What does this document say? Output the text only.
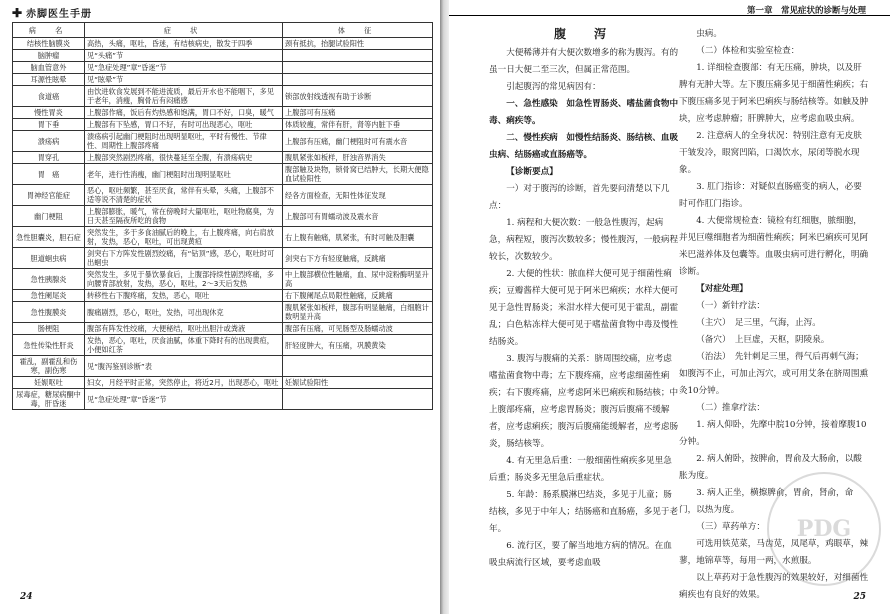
✚ 赤脚医生手册
病　名	症　状	体　征
结核性脑膜炎	高热，头痛，呕吐，昏迷，有结核病史，散发于四季	颈有抵抗，抬腿试验阳性
脑肿瘤	见“头痛”节	
脑血管意外	见“急症处理”章“昏迷”节	
耳源性眩晕	见“眩晕”节	
食道癌	由饮进软食发展到不能进流质，最后开水也不能咽下，多见于老年，消瘦，胸骨后有闷痛感	锁部放射线透视有助于诊断
慢性胃炎	上腹部作痛，饭后有灼热感和饱满，胃口不好，口臭，暖气	上腹部可有压痛
胃下垂	上腹部有下坠感，胃口不好，有时可出现恶心，呕吐	体质较瘦，常伴有肝，肾等内脏下垂
溃疡病	溃疡病引起幽门梗阻时出现明显呕吐，平时有慢性、节律性、周期性上腹部疼痛	上腹部有压痛，幽门梗阻时可有震水音
胃穿孔	上腹部突然剧烈疼痛，很快蔓延至全腹，有溃疡病史	腹肌紧张如板样，肝浊音界消失
胃　癌	老年，进行性消瘦，幽门梗阻时出现明显呕吐	腹部触及块物，锁骨窝已结肿大，长期大便隐血试验阳性
胃神经官能症	恶心，呕吐频繁，甚至厌食，常伴有头晕，头痛，上腹部不适等说不清楚的症状	经各方面检查，无阳性体征发现
幽门梗阻	上腹部膨胀，暖气，常在傍晚时大量呕吐，呕吐物腐臭，为日天甚至隔夜所吃的食物	上腹部可有胃蠕动波及震水音
急性胆囊炎，胆石症	突然发生，多于多食油腻后的晚上，右上腹疼痛，向右肩放射，发热，恶心，呕吐，可出现黄疸	右上腹有触痛，肌紧张，有时可触及胆囊
胆道蛔虫病	剑突右下方阵发性剧烈绞痛，有“钻顶”感，恶心，呕吐时可出蛔虫	剑突右下方有轻度触痛，反跳痛
急性胰腺炎	突然发生，多见于暴饮暴食后，上腹部持续性剧烈疼痛，多向腰背部放射，发热，恶心，呕吐，2～3天后发热	中上腹部横位性触痛，血、尿中淀粉酶明显升高
急性阑尾炎	转移性右下腹疼痛，发热，恶心，呕吐	右下腹阑尾点局限性触痛，反跳痛
急性腹膜炎	腹痛剧烈，恶心，呕吐，发热，可出现休克	腹肌紧张如板样，腹部有明显触痛，白细胞计数明显升高
肠梗阻	腹部有阵发性绞痛，大便秘结，呕吐出胆汁或粪液	腹部有压痛，可见肠型及肠蠕动波
急性传染性肝炎	发热，恶心，呕吐，厌食油腻，体重下降时有的出现黄疸，小便如红茶	肝轻度肿大，有压痛，巩膜黄染
霍乱，副霍乱和伤寒，副伤寒	见“腹泻鉴别诊断”表	
妊娠呕吐	妇女，月经平时正常，突然停止，将近2月，出现恶心，呕吐	妊娠试验阳性
尿毒症，糖尿病酮中毒，肝昏迷	见“急症处理”章“昏迷”节	
24
第一章　常见症状的诊断与处理
腹　泻

大便稀薄并有大便次数增多的称为腹泻。有的虽一日大便二至三次，但属正常范围。

引起腹泻的常见病因有：

一、急性感染　如急性胃肠炎、嗜盐菌食物中毒、痢疾等。

二、慢性疾病　如慢性结肠炎、肠结核、血吸虫病、结肠癌或直肠癌等。

【诊断要点】

一）对于腹泻的诊断，首先要问清楚以下几点：

1. 病程和大便次数：一般急性腹泻，起病急，病程短，腹泻次数较多；慢性腹泻，一般病程较长，次数较少。

2. 大便的性状：脓血样大便可见于细菌性痢疾；豆瓣酱样大便可见于阿米巴痢疾；水样大便可见于急性胃肠炎；米泔水样大便可见于霍乱，副霍乱；白色粘冻样大便可见于嗜盐菌食物中毒及慢性结肠炎。

3. 腹泻与腹痛的关系：脐周围绞痛，应考虑嗜盐菌食物中毒；左下腹疼痛，应考虑细菌性痢疾；右下腹疼痛，应考虑阿米巴痢疾和肠结核；中上腹部疼痛，应考虑胃肠炎；腹泻后腹痛不缓解者，应考虑痢疾；腹泻后腹痛能缓解者，应考虑肠炎，肠结核等。

4. 有无里急后重：一般细菌性痢疾多见里急后重；肠炎多无里急后重症状。

5. 年龄：肠系膜淋巴结炎，多见于儿童；肠结核，多见于中年人；结肠癌和直肠癌，多见于老年。

6. 流行区，要了解当地地方病的情况。在血吸虫病流行区域，要考虑血吸

虫病。

（二）体检和实验室检查：

1. 详细检查腹部：有无压痛，肿块，以及肝脾有无肿大等。左下腹压痛多见于细菌性痢疾；右下腹压痛多见于阿米巴痢疾与肠结核等。如触及肿块，应考虑肿瘤；肝脾肿大，应考虑血吸虫病。

2. 注意病人的全身状况：特别注意有无皮肤干皱发冷，眼窝凹陷，口渴饮水，尿闭等脱水现象。

3. 肛门指诊：对疑似直肠癌变的病人，必要时可作肛门指诊。

4. 大便常规检查：镜检有红细胞，脓细胞，并见巨噬细胞者为细菌性痢疾；阿米巴痢疾可见阿米巴滋养体及包囊等。血吸虫病可进行孵化，明确诊断。

【对症处理】

（一）新针疗法：

（主穴）　足三里，气海，止泻。

（备穴）　上巨虚，天枢，阴陵泉。

（治法）　先针刺足三里，得气后再刺气海；如腹泻不止，可加止泻穴，或可用艾条在脐周围熏灸10分钟。

（二）推拿疗法：

1. 病人仰卧，先摩中脘10分钟，接着摩腹10分钟。

2. 病人俯卧，按脾俞，胃俞及大肠俞，以酸胀为度。

3. 病人正坐，横擦脾俞，胃俞，肾俞，命门，以热为度。

（三）草药单方：

可选用铁苋菜，马齿苋，凤尾草，鸡眼草，辣蓼，地锦草等，每用一两，水煎服。

以上草药对于急性腹泻的效果较好，对细菌性痢疾也有良好的效果。

PDG
25
